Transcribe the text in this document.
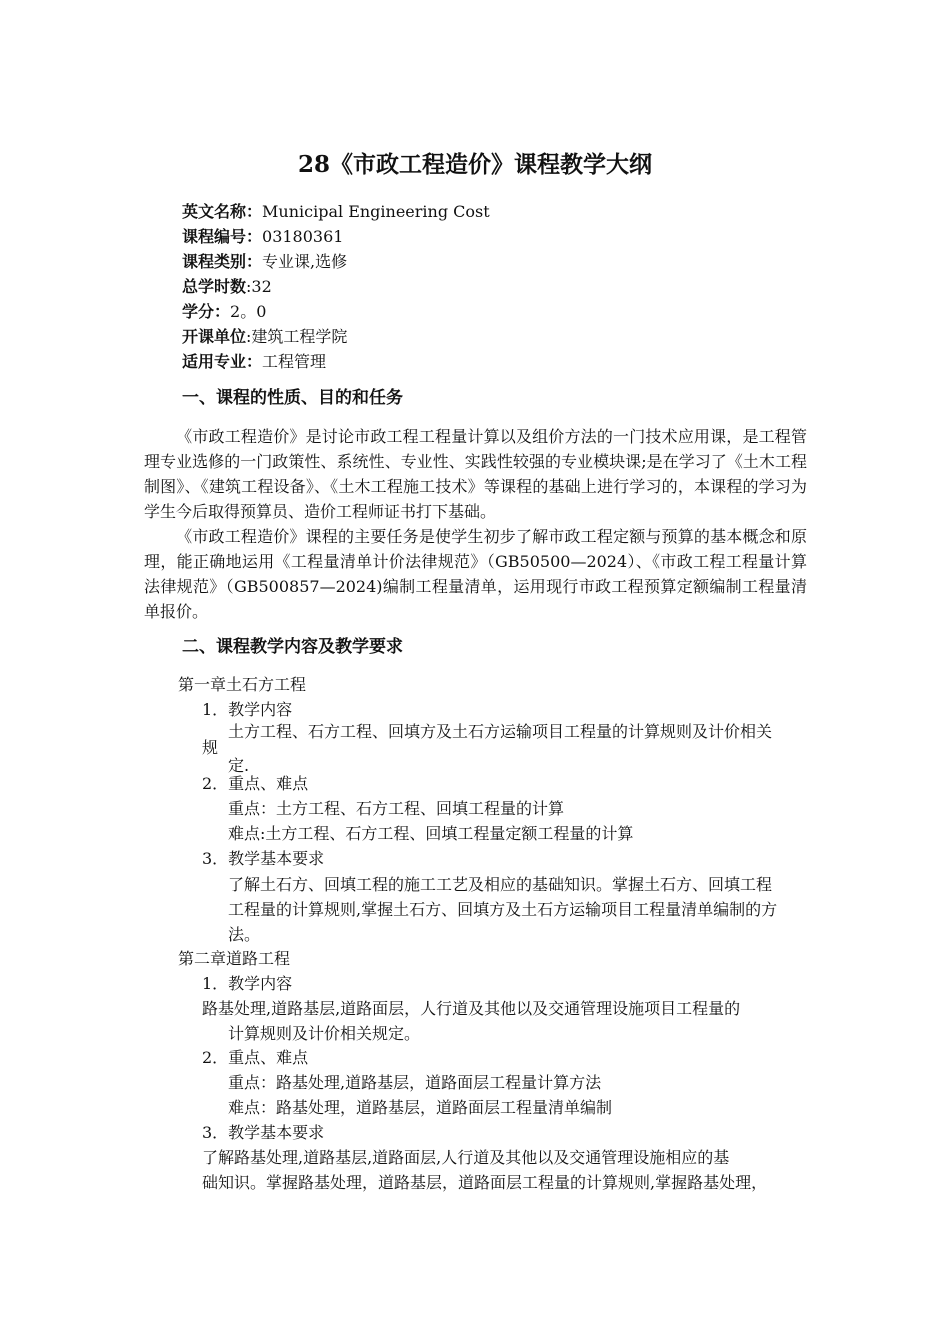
28《市政工程造价》课程教学大纲
英文名称：Municipal Engineering Cost
课程编号：03180361
课程类别：专业课,选修
总学时数:32
学分：2。0
开课单位:建筑工程学院
适用专业：工程管理
一、课程的性质、目的和任务
《市政工程造价》是讨论市政工程工程量计算以及组价方法的一门技术应用课，是工程管理专业选修的一门政策性、系统性、专业性、实践性较强的专业模块课;是在学习了《土木工程制图》、《建筑工程设备》、《土木工程施工技术》等课程的基础上进行学习的，本课程的学习为学生今后取得预算员、造价工程师证书打下基础。
《市政工程造价》课程的主要任务是使学生初步了解市政工程定额与预算的基本概念和原理，能正确地运用《工程量清单计价法律规范》（GB50500—2024）、《市政工程工程量计算法律规范》（GB500857—2024)编制工程量清单，运用现行市政工程预算定额编制工程量清单报价。
二、课程教学内容及教学要求
第一章土石方工程
1．教学内容
土方工程、石方工程、回填方及土石方运输项目工程量的计算规则及计价相关
规
定.
2．重点、难点
重点：土方工程、石方工程、回填工程量的计算
难点:土方工程、石方工程、回填工程量定额工程量的计算
3．教学基本要求
了解土石方、回填工程的施工工艺及相应的基础知识。掌握土石方、回填工程
工程量的计算规则,掌握土石方、回填方及土石方运输项目工程量清单编制的方
法。
第二章道路工程
1．教学内容
路基处理,道路基层,道路面层，人行道及其他以及交通管理设施项目工程量的
计算规则及计价相关规定。
2．重点、难点
重点：路基处理,道路基层，道路面层工程量计算方法
难点：路基处理，道路基层，道路面层工程量清单编制
3．教学基本要求
了解路基处理,道路基层,道路面层,人行道及其他以及交通管理设施相应的基
础知识。掌握路基处理，道路基层，道路面层工程量的计算规则,掌握路基处理，
